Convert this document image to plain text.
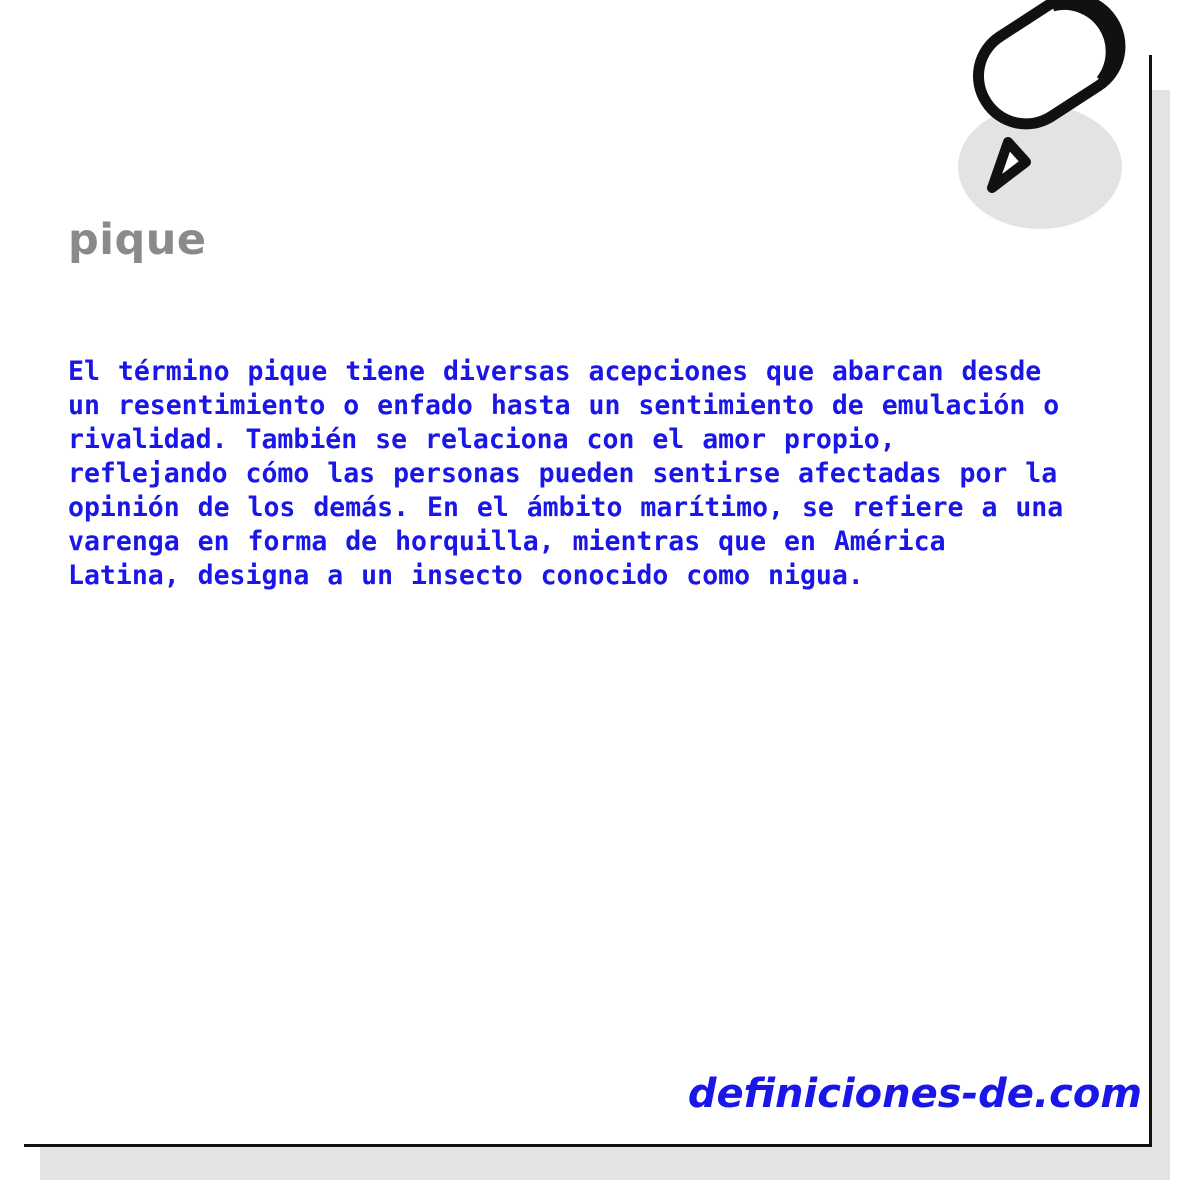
pique
El término pique tiene diversas acepciones que abarcan desde un resentimiento o enfado hasta un sentimiento de emulación o rivalidad. También se relaciona con el amor propio, reflejando cómo las personas pueden sentirse afectadas por la opinión de los demás. En el ámbito marítimo, se refiere a una varenga en forma de horquilla, mientras que en América Latina, designa a un insecto conocido como nigua.
definiciones-de.com
